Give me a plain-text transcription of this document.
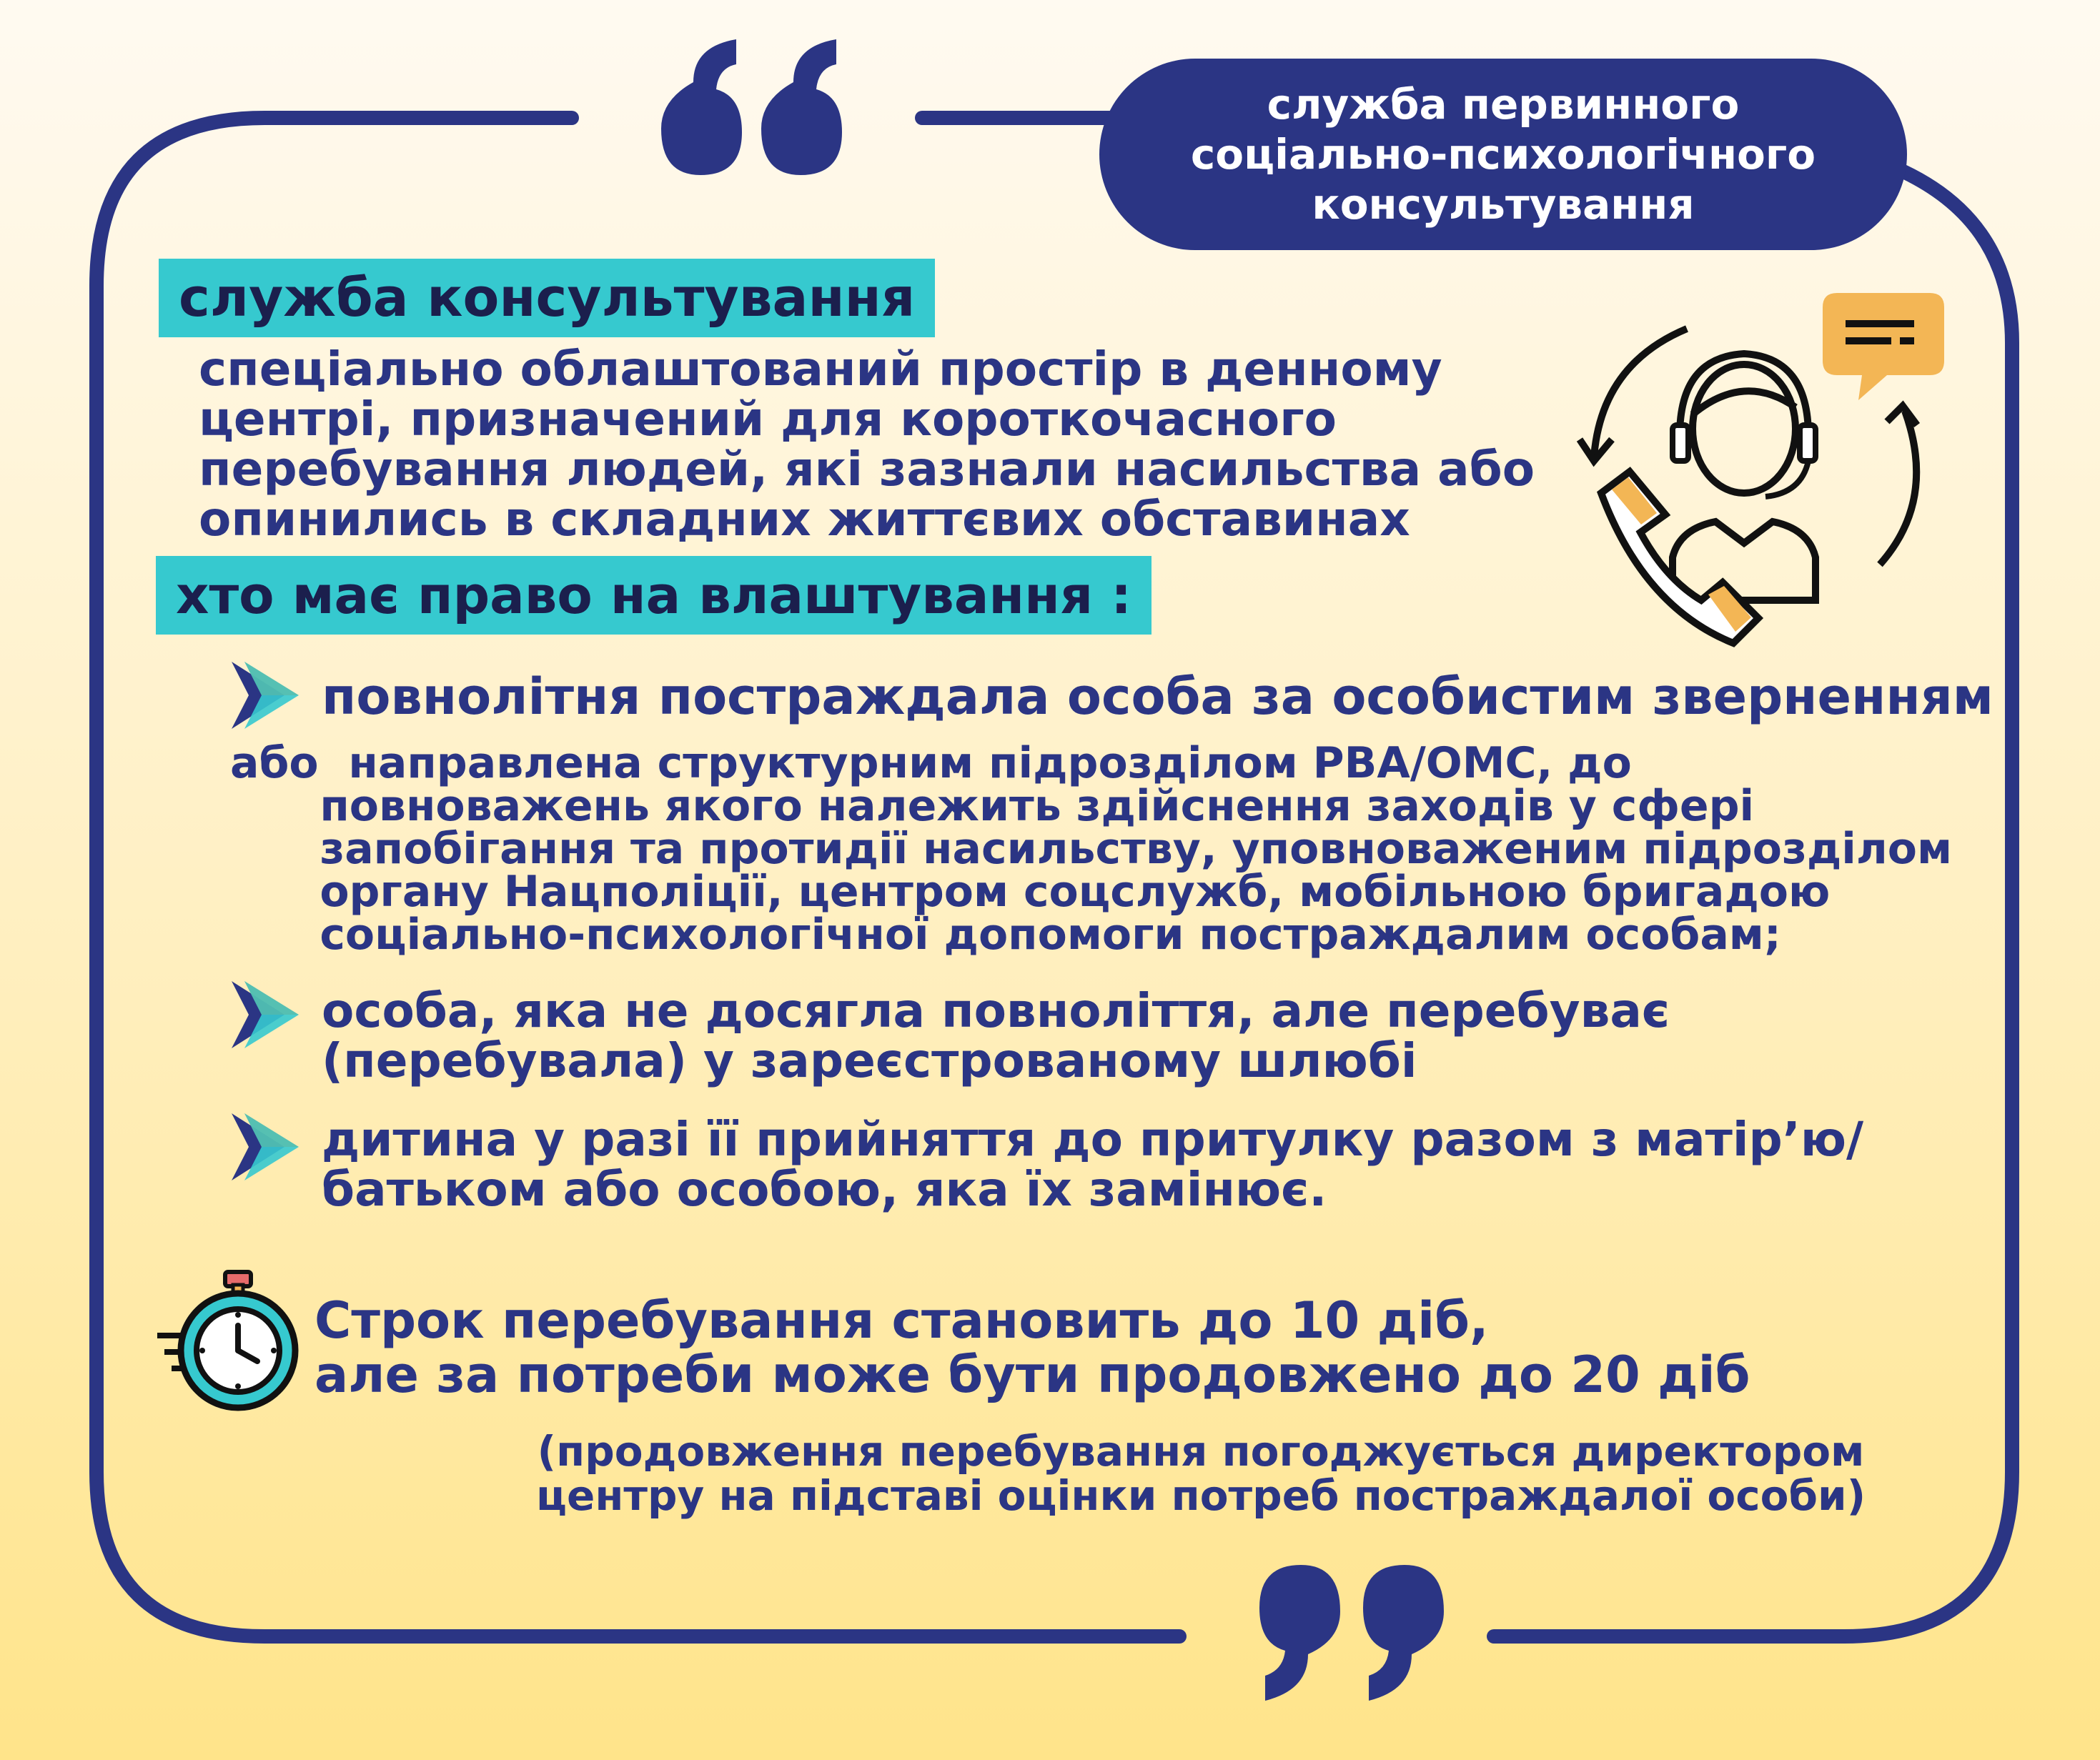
служба первинного
соціально-психологічного
консультування
служба консультування
спеціально облаштований простір в денному
центрі, призначений для короткочасного
перебування людей, які зазнали насильства або
опинились в складних життєвих обставинах
хто має право на влаштування :
повнолітня постраждала особа за особистим зверненням
або  направлена структурним підрозділом РВА/ОМС, до
повноважень якого належить здійснення заходів у сфері
запобігання та протидії насильству, уповноваженим підрозділом
органу Нацполіції, центром соцслужб, мобільною бригадою
соціально-психологічної допомоги постраждалим особам;
особа, яка не досягла повноліття, але перебуває
(перебувала) у зареєстрованому шлюбі
дитина у разі її прийняття до притулку разом з матір’ю/
батьком або особою, яка їх замінює.
Строк перебування становить до 10 діб,
але за потреби може бути продовжено до 20 діб
(продовження перебування погоджується директором
центру на підставі оцінки потреб постраждалої особи)
